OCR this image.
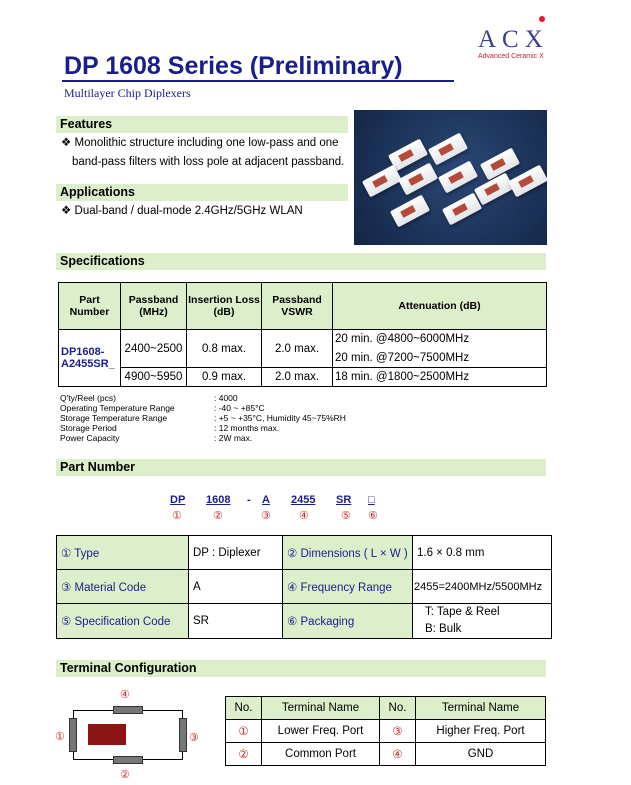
ACX
Advanced Ceramic X
DP 1608 Series (Preliminary)
Multilayer Chip Diplexers
Features
❖ Monolithic structure including one low-pass and one
band-pass filters with loss pole at adjacent passband.
Applications
❖ Dual-band / dual-mode 2.4GHz/5GHz WLAN
Specifications
Part Number	Passband (MHz)	Insertion Loss (dB)	Passband VSWR	Attenuation (dB)
DP1608-A2455SR_	2400~2500	0.8 max.	2.0 max.	20 min. @4800~6000MHz
				20 min. @7200~7500MHz
	4900~5950	0.9 max.	2.0 max.	18 min. @1800~2500MHz
Q'ty/Reel (pcs)	: 4000
Operating Temperature Range	: -40 ~ +85°C
Storage Temperature Range	: +5 ~ +35°C, Humidity 45~75%RH
Storage Period	: 12 months max.
Power Capacity	: 2W max.
Part Number
DP 1608 - A 2455 SR □
①	②	③	④	⑤ ⑥
① Type	DP : Diplexer	② Dimensions ( L × W )	1.6 × 0.8 mm
③ Material Code	A	④ Frequency Range	2455=2400MHz/5500MHz
⑤ Specification Code	SR	⑥ Packaging	T: Tape & Reel
B: Bulk
Terminal Configuration
④
①	③
②
No.	Terminal Name	No.	Terminal Name
①	Lower Freq. Port	③	Higher Freq. Port
②	Common Port	④	GND
